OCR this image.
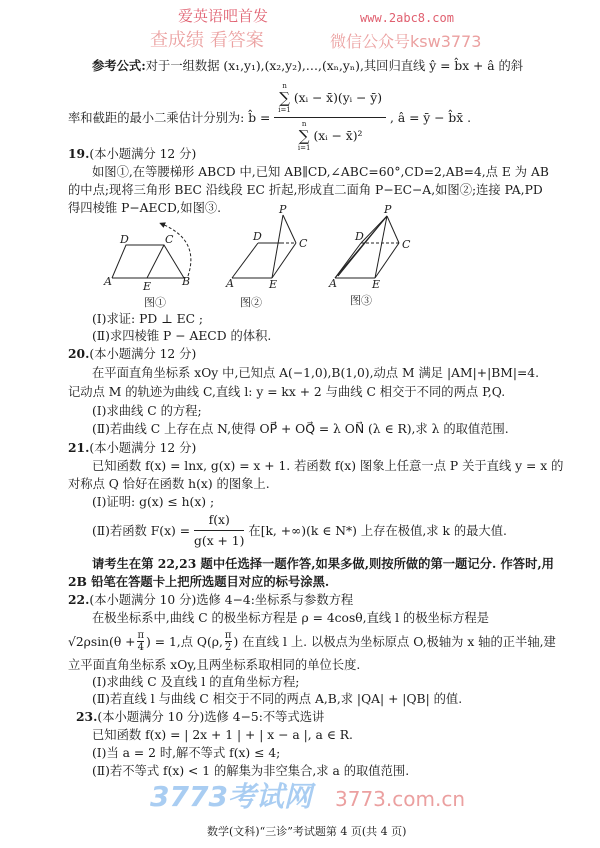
爱英语吧首发	www.2abc8.com
查成绩 看答案	微信公众号ksw3773
3773考试网 3773.com.cn
参考公式:对于一组数据 (x₁,y₁),(x₂,y₂),…,(xₙ,yₙ),其回归直线 ŷ = b̂x + â 的斜
率和截距的最小二乘估计分别为: b̂ = n
∑
i=1
(xᵢ − x̄)(yᵢ − ȳ)
n
∑
i=1
(xᵢ − x̄)² , â = ȳ − b̂x̄ .
19.(本小题满分 12 分)
如图①,在等腰梯形 ABCD 中,已知 AB∥CD,∠ABC=60°,CD=2,AB=4,点 E 为 AB
的中点;现将三角形 BEC 沿线段 EC 折起,形成直二面角 P−EC−A,如图②;连接 PA,PD
得四棱锥 P−AECD,如图③.
A	E	B
D	C
图①
A	E
D
C
P
图②
A	E
D
C
P
图③
(Ⅰ)求证: PD ⊥ EC ;
(Ⅱ)求四棱锥 P − AECD 的体积.
20.(本小题满分 12 分)
在平面直角坐标系 xOy 中,已知点 A(−1,0),B(1,0),动点 M 满足 |AM|+|BM|=4.
记动点 M 的轨迹为曲线 C,直线 l: y = kx + 2 与曲线 C 相交于不同的两点 P,Q.
(Ⅰ)求曲线 C 的方程;
(Ⅱ)若曲线 C 上存在点 N,使得 OP⃗ + OQ⃗ = λ ON⃗ (λ ∈ R),求 λ 的取值范围.
21.(本小题满分 12 分)
已知函数 f(x) = lnx, g(x) = x + 1. 若函数 f(x) 图象上任意一点 P 关于直线 y = x 的
对称点 Q 恰好在函数 h(x) 的图象上.
(Ⅰ)证明: g(x) ≤ h(x) ;
(Ⅱ)若函数 $F(x) = \frac{f(x)}{g(x + 1)}$ 在[k, +∞)(k ∈ N*) 上存在极值,求 k 的最大值.
请考生在第 22,23 题中任选择一题作答,如果多做,则按所做的第一题记分. 作答时,用
2B 铅笔在答题卡上把所选题目对应的标号涂黑.
22.(本小题满分 10 分)选修 4−4:坐标系与参数方程
在极坐标系中,曲线 C 的极坐标方程是 ρ = 4cosθ,直线 l 的极坐标方程是
$√2\rho\sin(\theta + \frac{\pi}{4}$ ) = 1,点 Q(ρ, $\frac{\pi}{2}$ ) 在直线 l 上. 以极点为坐标原点 O,极轴为 x 轴的正半轴,建
立平面直角坐标系 xOy,且两坐标系取相同的单位长度.
(Ⅰ)求曲线 C 及直线 l 的直角坐标方程;
(Ⅱ)若直线 l 与曲线 C 相交于不同的两点 A,B,求 |QA| + |QB| 的值.
23.(本小题满分 10 分)选修 4−5:不等式选讲
已知函数 f(x) = | 2x + 1 | + | x − a |, a ∈ R.
(Ⅰ)当 a = 2 时,解不等式 f(x) ≤ 4;
(Ⅱ)若不等式 f(x) < 1 的解集为非空集合,求 a 的取值范围.
数学(文科)“三诊”考试题第 4 页(共 4 页)
